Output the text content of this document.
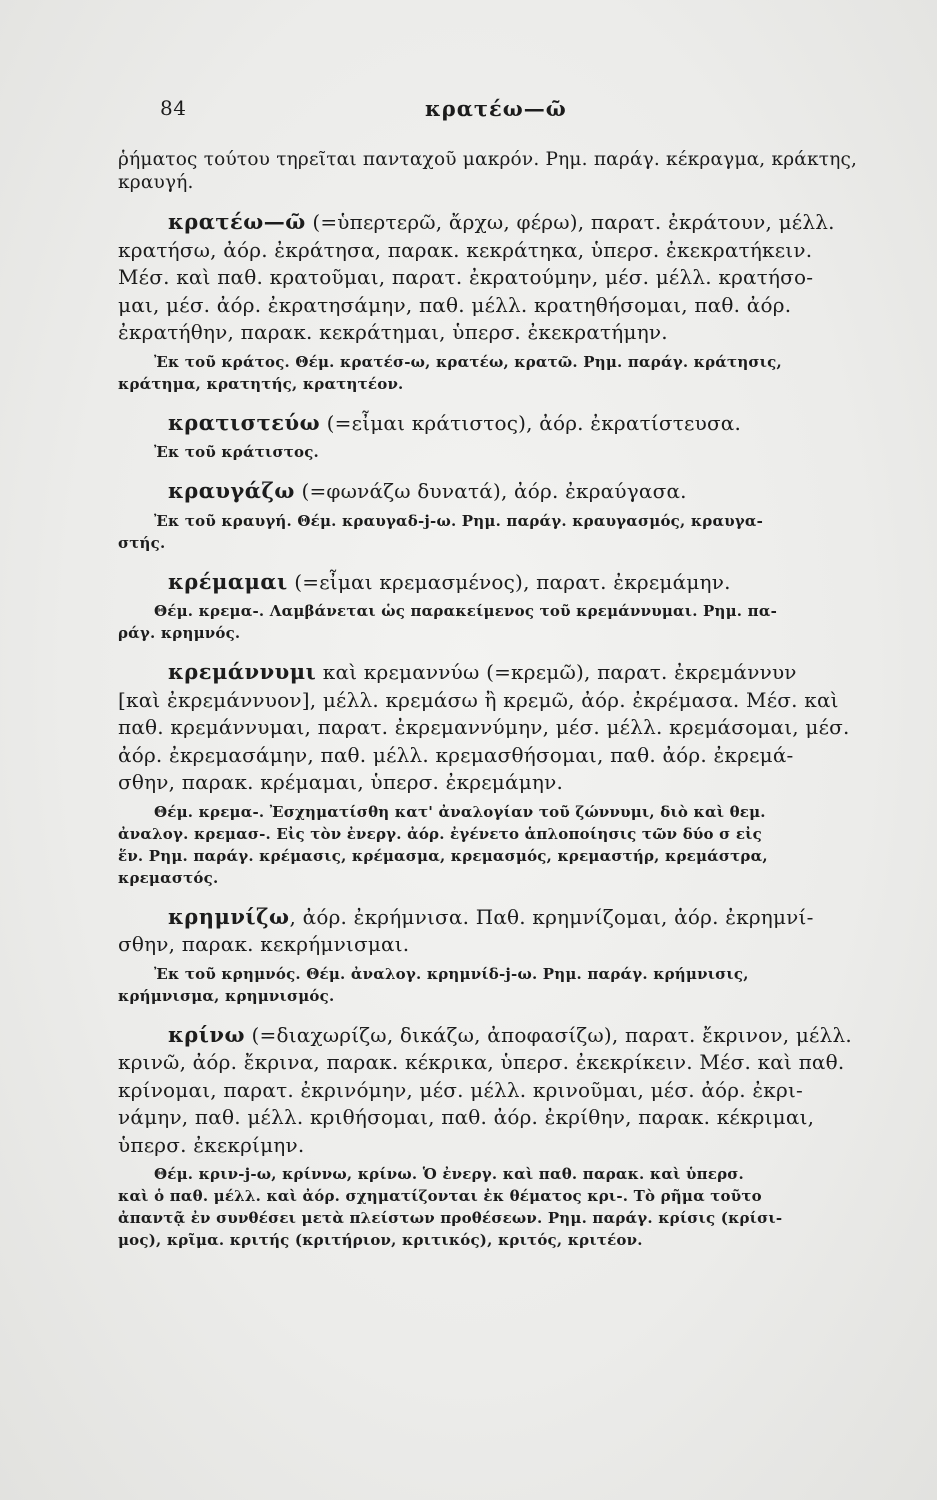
84	κρατέω—ῶ

ῥήματος τούτου τηρεῖται πανταχοῦ μακρόν. Ρημ. παράγ. κέκραγμα, κράκτης,

κραυγή.

κρατέω—ῶ (=ὑπερτερῶ, ἄρχω, φέρω), παρατ. ἐκράτουν, μέλλ.

κρατήσω, ἀόρ. ἐκράτησα, παρακ. κεκράτηκα, ὑπερσ. ἐκεκρατήκειν.

Μέσ. καὶ παθ. κρατοῦμαι, παρατ. ἐκρατούμην, μέσ. μέλλ. κρατήσο-

μαι, μέσ. ἀόρ. ἐκρατησάμην, παθ. μέλλ. κρατηθήσομαι, παθ. ἀόρ.

ἐκρατήθην, παρακ. κεκράτημαι, ὑπερσ. ἐκεκρατήμην.

Ἐκ τοῦ κράτος. Θέμ. κρατέσ-ω, κρατέω, κρατῶ. Ρημ. παράγ. κράτησις,

κράτημα, κρατητής, κρατητέον.

κρατιστεύω (=εἶμαι κράτιστος), ἀόρ. ἐκρατίστευσα.

Ἐκ τοῦ κράτιστος.

κραυγάζω (=φωνάζω δυνατά), ἀόρ. ἐκραύγασα.

Ἐκ τοῦ κραυγή. Θέμ. κραυγαδ-j-ω. Ρημ. παράγ. κραυγασμός, κραυγα-

στής.

κρέμαμαι (=εἶμαι κρεμασμένος), παρατ. ἐκρεμάμην.

Θέμ. κρεμα-. Λαμβάνεται ὡς παρακείμενος τοῦ κρεμάννυμαι. Ρημ. πα-

ράγ. κρημνός.

κρεμάννυμι καὶ κρεμαννύω (=κρεμῶ), παρατ. ἐκρεμάννυν

[καὶ ἐκρεμάννυον], μέλλ. κρεμάσω ἢ κρεμῶ, ἀόρ. ἐκρέμασα. Μέσ. καὶ

παθ. κρεμάννυμαι, παρατ. ἐκρεμαννύμην, μέσ. μέλλ. κρεμάσομαι, μέσ.

ἀόρ. ἐκρεμασάμην, παθ. μέλλ. κρεμασθήσομαι, παθ. ἀόρ. ἐκρεμά-

σθην, παρακ. κρέμαμαι, ὑπερσ. ἐκρεμάμην.

Θέμ. κρεμα-. Ἐσχηματίσθη κατ' ἀναλογίαν τοῦ ζώννυμι, διὸ καὶ θεμ.

ἀναλογ. κρεμασ-. Εἰς τὸν ἐνεργ. ἀόρ. ἐγένετο ἁπλοποίησις τῶν δύο σ εἰς

ἕν. Ρημ. παράγ. κρέμασις, κρέμασμα, κρεμασμός, κρεμαστήρ, κρεμάστρα,

κρεμαστός.

κρημνίζω, ἀόρ. ἐκρήμνισα. Παθ. κρημνίζομαι, ἀόρ. ἐκρημνί-

σθην, παρακ. κεκρήμνισμαι.

Ἐκ τοῦ κρημνός. Θέμ. ἀναλογ. κρημνίδ-j-ω. Ρημ. παράγ. κρήμνισις,

κρήμνισμα, κρημνισμός.

κρίνω (=διαχωρίζω, δικάζω, ἀποφασίζω), παρατ. ἔκρινον, μέλλ.

κρινῶ, ἀόρ. ἔκρινα, παρακ. κέκρικα, ὑπερσ. ἐκεκρίκειν. Μέσ. καὶ παθ.

κρίνομαι, παρατ. ἐκρινόμην, μέσ. μέλλ. κρινοῦμαι, μέσ. ἀόρ. ἐκρι-

νάμην, παθ. μέλλ. κριθήσομαι, παθ. ἀόρ. ἐκρίθην, παρακ. κέκριμαι,

ὑπερσ. ἐκεκρίμην.

Θέμ. κριν-j-ω, κρίννω, κρίνω. Ὁ ἐνεργ. καὶ παθ. παρακ. καὶ ὑπερσ.

καὶ ὁ παθ. μέλλ. καὶ ἀόρ. σχηματίζονται ἐκ θέματος κρι-. Τὸ ρῆμα τοῦτο

ἀπαντᾷ ἐν συνθέσει μετὰ πλείστων προθέσεων. Ρημ. παράγ. κρίσις (κρίσι-

μος), κρῖμα. κριτής (κριτήριον, κριτικός), κριτός, κριτέον.
